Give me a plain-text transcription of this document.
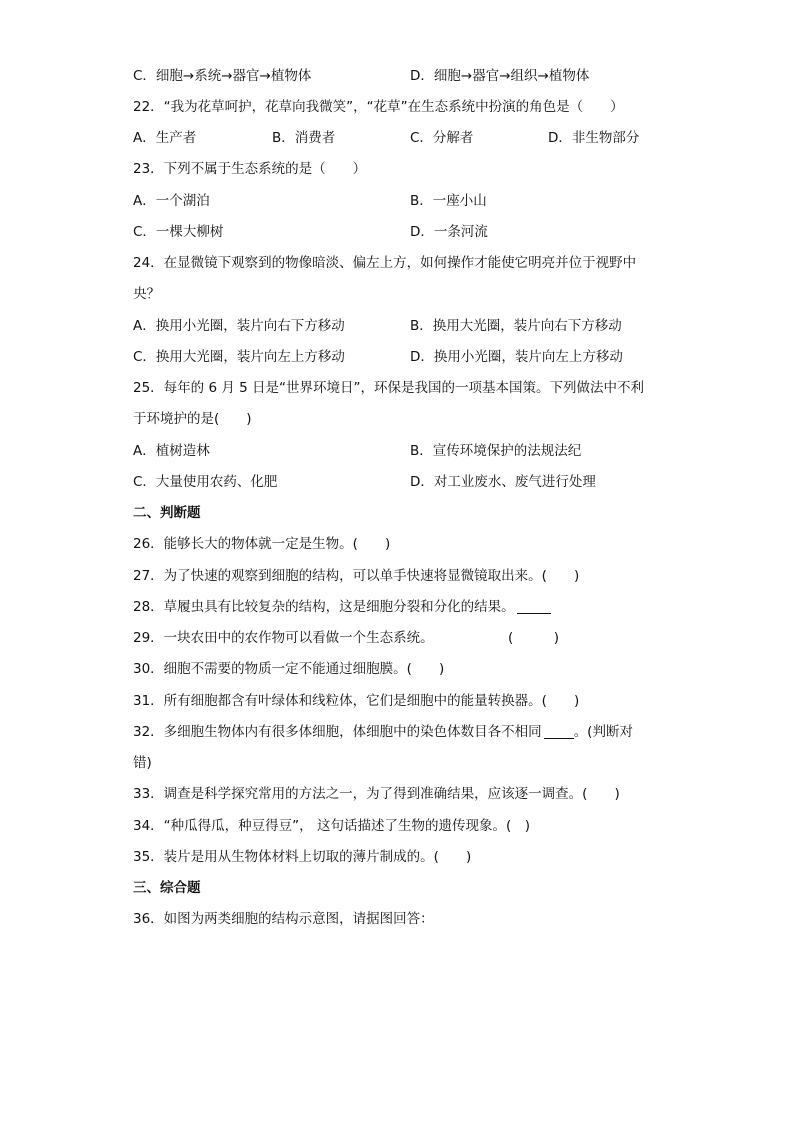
C．细胞→系统→器官→植物体	D．细胞→器官→组织→植物体
22．“我为花草呵护，花草向我微笑”，“花草”在生态系统中扮演的角色是（　　）
A．生产者	B．消费者	C．分解者	D．非生物部分
23．下列不属于生态系统的是（　　）
A．一个湖泊	B．一座小山
C．一棵大柳树	D．一条河流
24．在显微镜下观察到的物像暗淡、偏左上方，如何操作才能使它明亮并位于视野中
央？
A．换用小光圈，装片向右下方移动	B．换用大光圈，装片向右下方移动
C．换用大光圈，装片向左上方移动	D．换用小光圈，装片向左上方移动
25．每年的 6 月 5 日是“世界环境日”，环保是我国的一项基本国策。下列做法中不利
于环境护的是(　　)
A．植树造林	B．宣传环境保护的法规法纪
C．大量使用农药、化肥	D．对工业废水、废气进行处理
二、判断题
26．能够长大的物体就一定是生物。(　　)
27．为了快速的观察到细胞的结构，可以单手快速将显微镜取出来。(　　)
28．草履虫具有比较复杂的结构，这是细胞分裂和分化的结果。
29．一块农田中的农作物可以看做一个生态系统。	(　　　)
30．细胞不需要的物质一定不能通过细胞膜。(　　)
31．所有细胞都含有叶绿体和线粒体，它们是细胞中的能量转换器。(　　)
32．多细胞生物体内有很多体细胞，体细胞中的染色体数目各不相同 。(判断对
错)
33．调查是科学探究常用的方法之一，为了得到准确结果，应该逐一调查。(　　)
34．“种瓜得瓜，种豆得豆”， 这句话描述了生物的遗传现象。(　)
35．装片是用从生物体材料上切取的薄片制成的。(　　)
三、综合题
36．如图为两类细胞的结构示意图，请据图回答：
